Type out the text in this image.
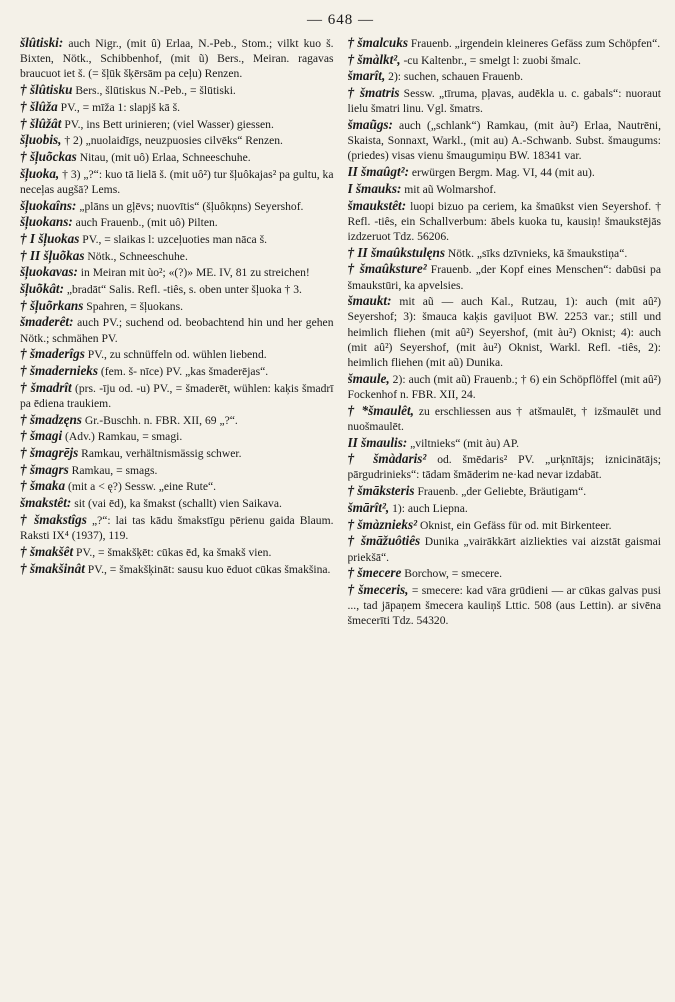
— 648 —
šlûtiski: auch Nigr., (mit û) Erlaa, N.-Peb., Stom.; vilkt kuo š. Bixten, Nötk., Schibbenhof, (mit ũ) Bers., Meiran. ragavas braucuot iet š. (= šļūk šķērsām pa ceļu) Renzen.
† šlûtisku Bers., šlūtiskus N.-Peb., = šlūtiski.
† šlûža PV., = mīža 1: slapjš kā š.
† šlûžât PV., ins Bett urinieren; (viel Wasser) giessen.
šļuobis, † 2) „nuolaidīgs, neuzpuosies cilvēks“ Renzen.
† šļuõckas Nitau, (mit uô) Erlaa, Schneeschuhe.
šļuoka, † 3) „?“: kuo tā lielā š. (mit uô²) tur šļuôkajas² pa gultu, ka neceļas augšā? Lems.
šļuokaîns: „plāns un gļēvs; nuovītis“ (šļuôkņns) Seyershof.
šļuokans: auch Frauenb., (mit uô) Pilten.
† I šļuokas PV., = slaikas l: uzceļuoties man nāca š.
† II šļuõkas Nötk., Schneeschuhe.
šļuokavas: in Meiran mit ùo²; «(?)» ME. IV, 81 zu streichen!
šļuõkât: „bradāt“ Salis. Refl. -tiês, s. oben unter šļuoka † 3.
† šļuõrkans Spahren, = šļuokans.
šmaderêt: auch PV.; suchend od. beobachtend hin und her gehen Nötk.; schmähen PV.
† šmaderîgs PV., zu schnüffeln od. wühlen liebend.
† šmadernieks (fem. š- nīce) PV. „kas šmaderējas“.
† šmadrît (prs. -īju od. -u) PV., = šmaderēt, wühlen: kaķis šmadrī pa ēdiena traukiem.
† šmadzęns Gr.-Buschh. n. FBR. XII, 69 „?“.
† šmagi (Adv.) Ramkau, = smagi.
† šmagrējs Ramkau, verhältnismässig schwer.
† šmagrs Ramkau, = smags.
† šmaka (mit a < ę?) Sessw. „eine Rute“.
šmakstêt: sit (vai ēd), ka šmakst (schallt) vien Saikava.
† šmakstîgs „?“: lai tas kādu šmakstīgu pērienu gaida Blaum. Raksti IX⁴ (1937), 119.
† šmakšêt PV., = šmakšķēt: cūkas ēd, ka šmakš vien.
† šmakšinât PV., = šmakšķināt: sausu kuo ēduot cūkas šmakšina.
† šmalcuks Frauenb. „irgendein kleineres Gefäss zum Schöpfen“.
† šmàlkt², -cu Kaltenbr., = smelgt l: zuobi šmalc.
šmarît, 2): suchen, schauen Frauenb.
† šmatris Sessw. „tīruma, pļavas, audēkla u. c. gabals“: nuoraut lielu šmatri linu. Vgl. šmatrs.
šmaũgs: auch („schlank“) Ramkau, (mit àu²) Erlaa, Nautrēni, Skaista, Sonnaxt, Warkl., (mit au) A.-Schwanb. Subst. šmaugums: (priedes) visas vienu šmaugumiņu BW. 18341 var.
II šmaûgt²: erwürgen Bergm. Mag. VI, 44 (mit au).
I šmauks: mit aũ Wolmarshof.
šmaukstêt: luopi bizuo pa ceriem, ka šmaūkst vien Seyershof. † Refl. -tiês, ein Schallverbum: ābels kuoka tu, kausiņ! šmaukstējās izdzeruot Tdz. 56206.
† II šmaûkstulęns Nötk. „sīks dzīvnieks, kā šmaukstiņa“.
† šmaûksture² Frauenb. „der Kopf eines Menschen“: dabūsi pa šmaukstūri, ka apvelsies.
šmaukt: mit aũ — auch Kal., Rutzau, 1): auch (mit aû²) Seyershof; 3): šmauca kaķis gaviļuot BW. 2253 var.; still und heimlich fliehen (mit aû²) Seyershof, (mit àu²) Oknist; 4): auch (mit aû²) Seyershof, (mit àu²) Oknist, Warkl. Refl. -tiês, 2): heimlich fliehen (mit aũ) Dunika.
šmaule, 2): auch (mit aũ) Frauenb.; † 6) ein Schöpflöffel (mit aû²) Fockenhof n. FBR. XII, 24.
† *šmaulêt, zu erschliessen aus † atšmaulēt, † izšmaulēt und nuošmaulēt.
II šmaulis: „viltnieks“ (mit àu) AP.
† šmàdaris² od. šmēdaris² PV. „urķnītājs; iznicinātājs; pārgudrinieks“: tādam šmāderim ne·kad nevar izdabāt.
† šmāksteris Frauenb. „der Geliebte, Bräutigam“.
šmārît², 1): auch Liepna.
† šmàznieks² Oknist, ein Gefäss für od. mit Birkenteer.
† šmāžuôtiês Dunika „vairākkārt aizliekties vai aizstāt gaismai priekšā“.
† šmecere Borchow, = smecere.
† šmeceris, = smecere: kad vāra grūdieni — ar cūkas galvas pusi ..., tad jāpaņem šmecera kauliņš Lttic. 508 (aus Lettin). ar sivēna šmecerīti Tdz. 54320.
